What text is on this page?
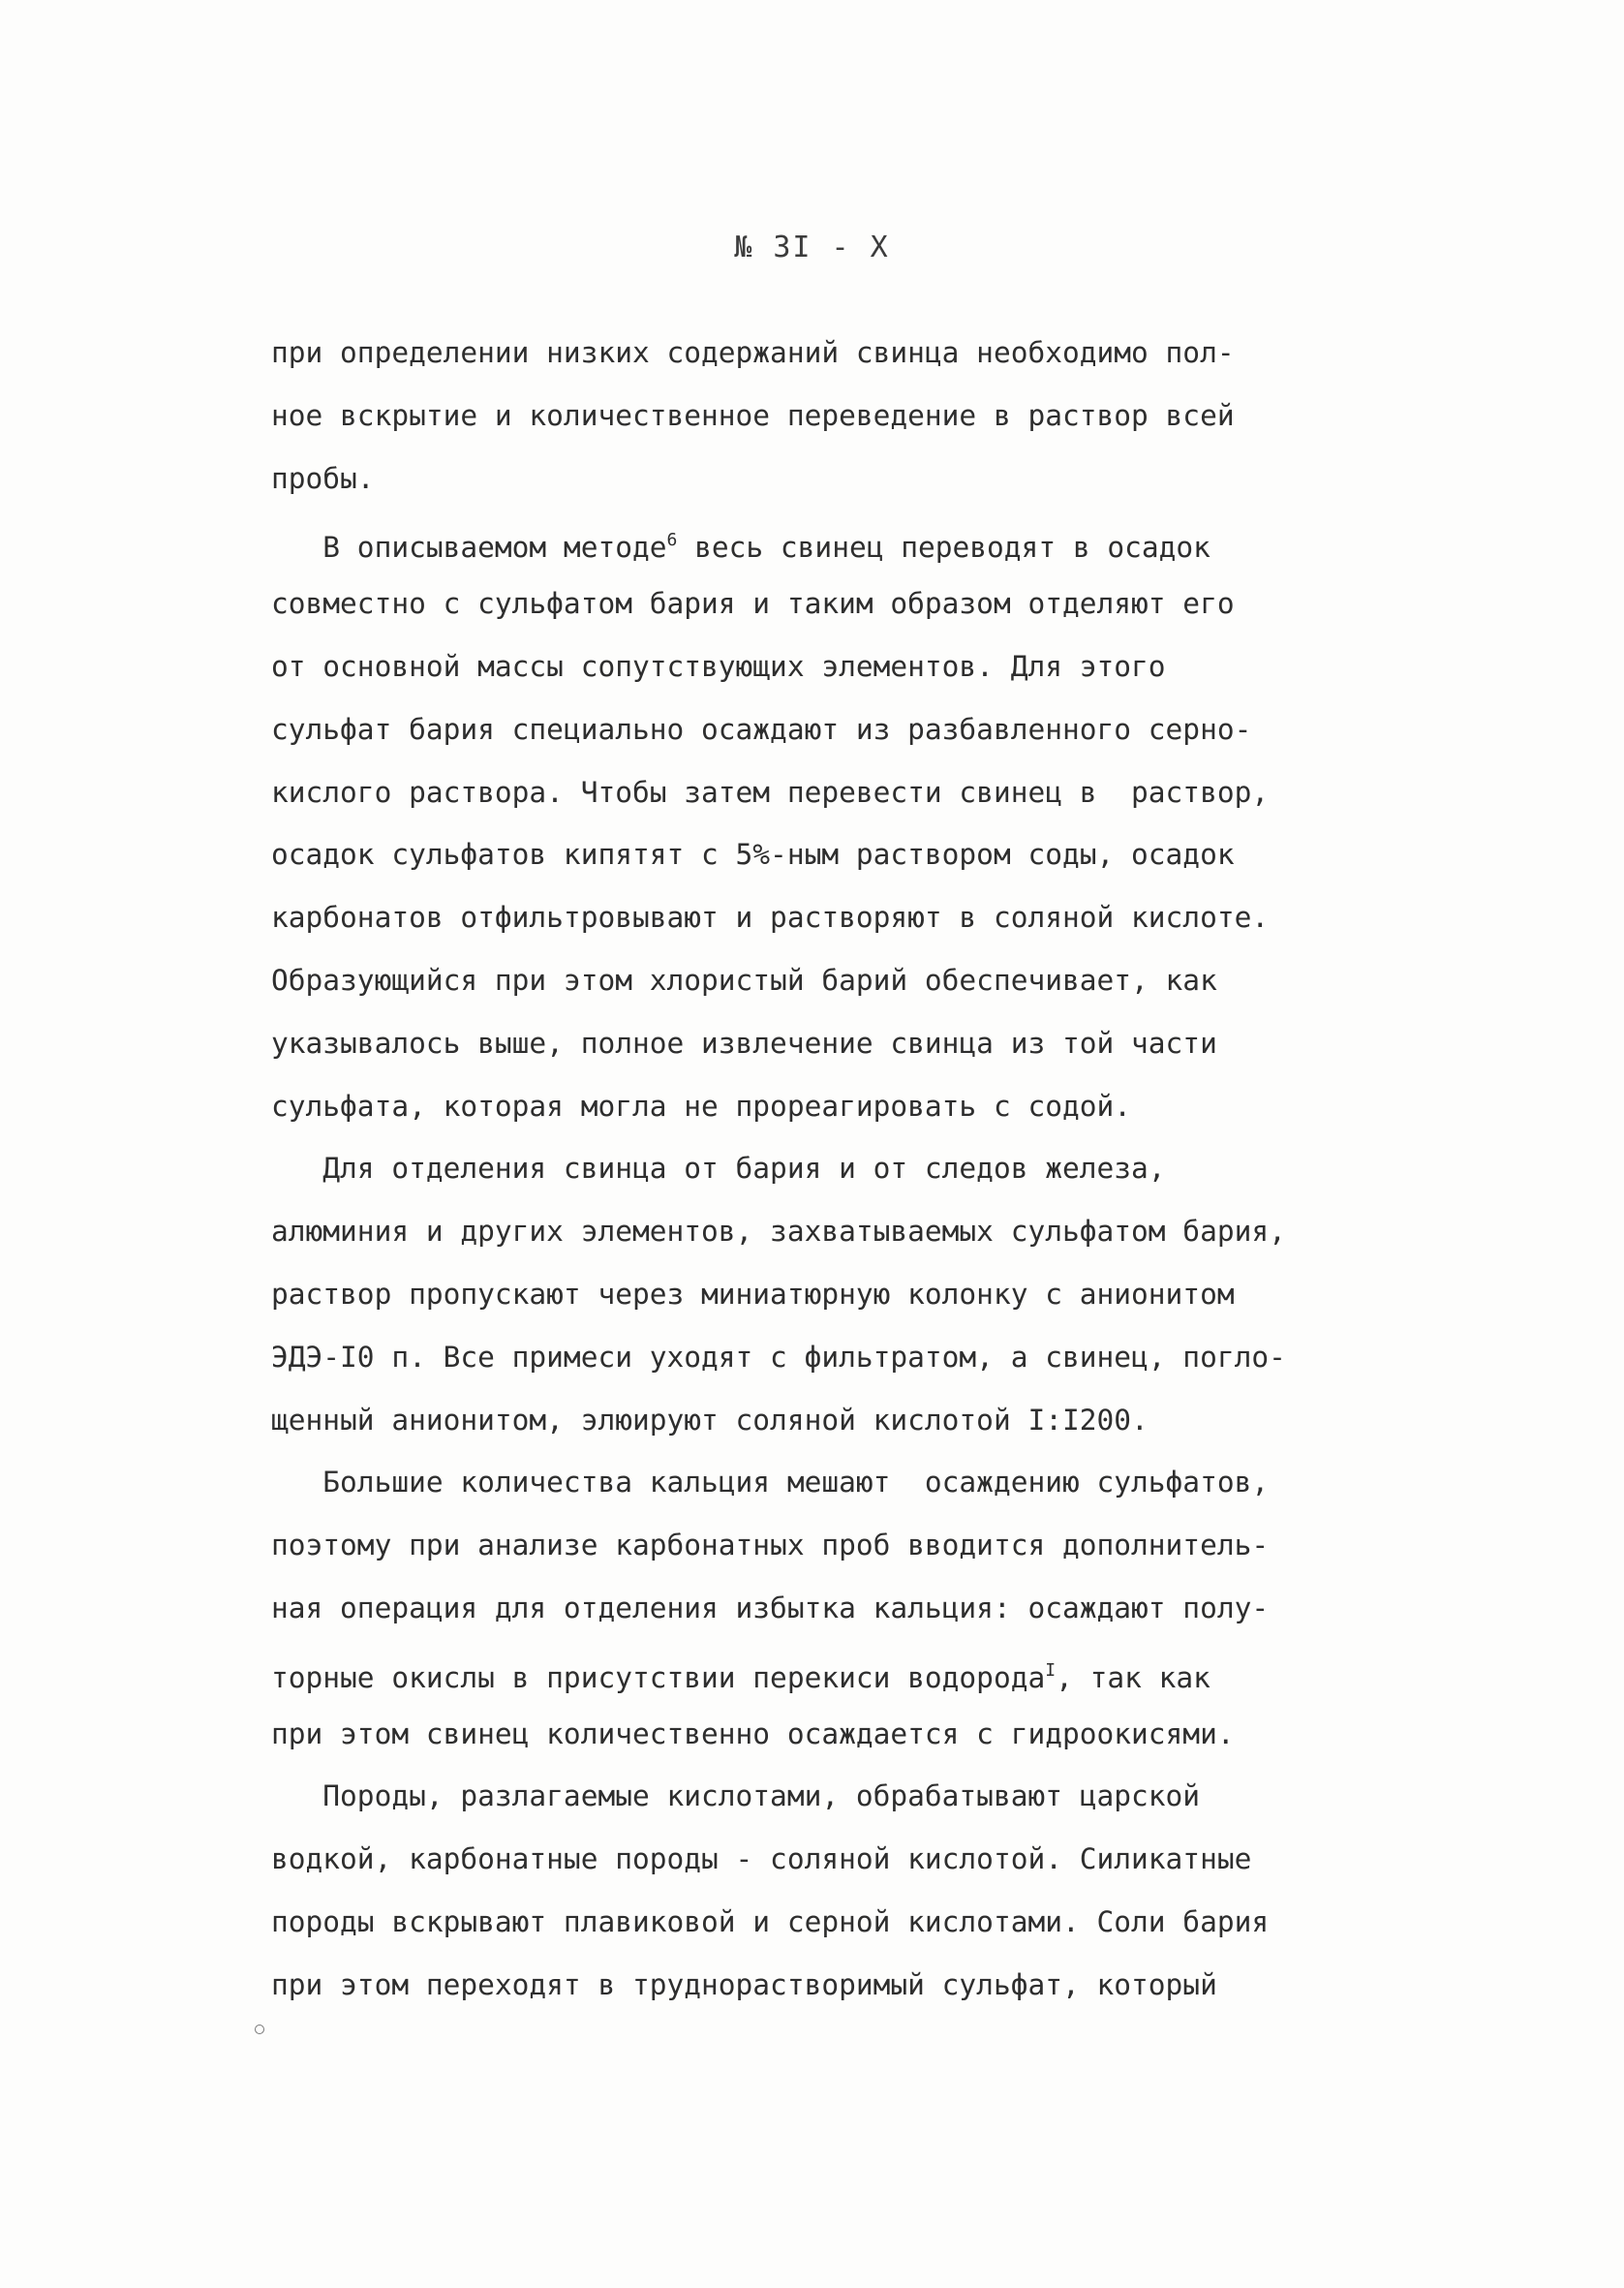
№ 3I - X
при определении низких содержаний свинца необходимо пол-
ное вскрытие и количественное переведение в раствор всей
пробы.
В описываемом методе$^6$ весь свинец переводят в осадок
совместно с сульфатом бария и таким образом отделяют его
от основной массы сопутствующих элементов. Для этого
сульфат бария специально осаждают из разбавленного серно-
кислого раствора. Чтобы затем перевести свинец в  раствор,
осадок сульфатов кипятят с 5%-ным раствором соды, осадок
карбонатов отфильтровывают и растворяют в соляной кислоте.
Образующийся при этом хлористый барий обеспечивает, как
указывалось выше, полное извлечение свинца из той части
сульфата, которая могла не прореагировать с содой.
Для отделения свинца от бария и от следов железа,
алюминия и других элементов, захватываемых сульфатом бария,
раствор пропускают через миниатюрную колонку с анионитом
ЭДЭ-I0 п. Все примеси уходят с фильтратом, а свинец, погло-
щенный анионитом, элюируют соляной кислотой I:I200.
Большие количества кальция мешают  осаждению сульфатов,
поэтому при анализе карбонатных проб вводится дополнитель-
ная операция для отделения избытка кальция: осаждают полу-
торные окислы в присутствии перекиси водорода$^I$, так как
при этом свинец количественно осаждается с гидроокисями.
Породы, разлагаемые кислотами, обрабатывают царской
водкой, карбонатные породы - соляной кислотой. Силикатные
породы вскрывают плавиковой и серной кислотами. Соли бария
при этом переходят в труднорастворимый сульфат, который
